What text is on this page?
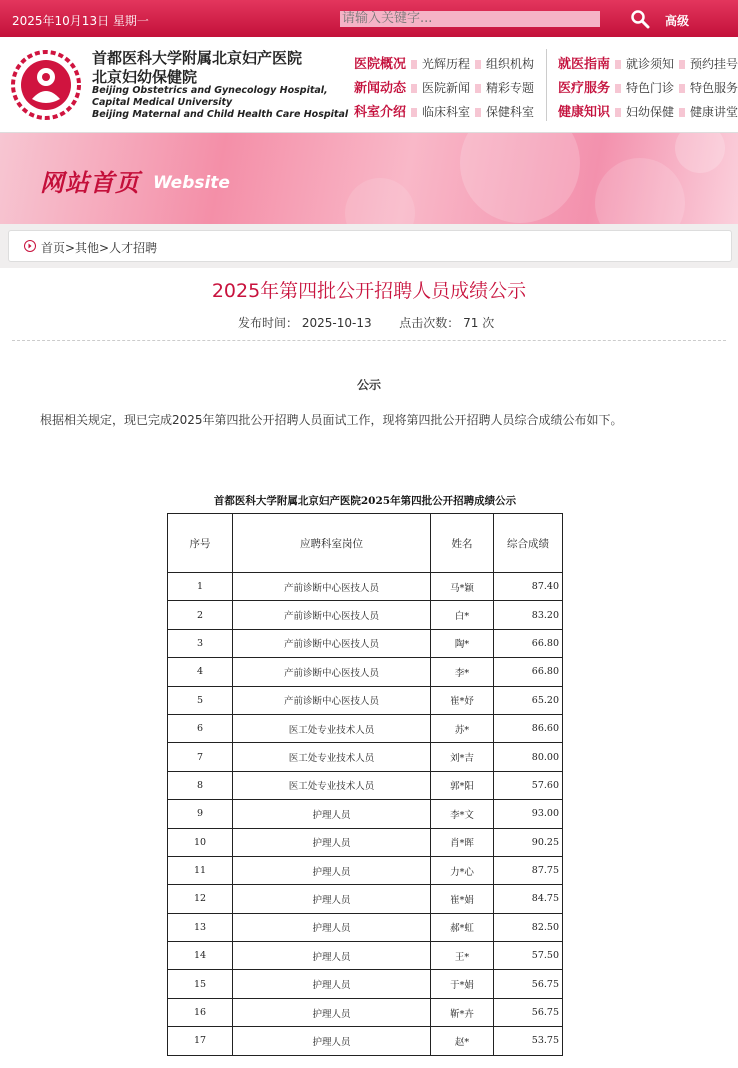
2025年10月13日 星期一
请输入关键字...	高级
首都医科大学附属北京妇产医院
北京妇幼保健院
Beijing Obstetrics and Gynecology Hospital,
Capital Medical University
Beijing Maternal and Child Health Care Hospital
医院概况 光辉历程 组织机构
新闻动态 医院新闻 精彩专题
科室介绍 临床科室 保健科室
就医指南 就诊须知 预约挂号
医疗服务 特色门诊 特色服务
健康知识 妇幼保健 健康讲堂
网站首页 Website
首页>其他>人才招聘
2025年第四批公开招聘人员成绩公示
发布时间： 2025-10-13 点击次数： 71 次
公示
根据相关规定，现已完成2025年第四批公开招聘人员面试工作，现将第四批公开招聘人员综合成绩公布如下。
首都医科大学附属北京妇产医院2025年第四批公开招聘成绩公示
序号	应聘科室岗位	姓名	综合成绩
1	产前诊断中心医技人员	马*颖	87.40
2	产前诊断中心医技人员	白*	83.20
3	产前诊断中心医技人员	陶*	66.80
4	产前诊断中心医技人员	李*	66.80
5	产前诊断中心医技人员	崔*妤	65.20
6	医工处专业技术人员	苏*	86.60
7	医工处专业技术人员	刘*吉	80.00
8	医工处专业技术人员	郭*阳	57.60
9	护理人员	李*文	93.00
10	护理人员	肖*晖	90.25
11	护理人员	力*心	87.75
12	护理人员	崔*娟	84.75
13	护理人员	郝*虹	82.50
14	护理人员	王*	57.50
15	护理人员	于*娟	56.75
16	护理人员	靳*卉	56.75
17	护理人员	赵*	53.75
